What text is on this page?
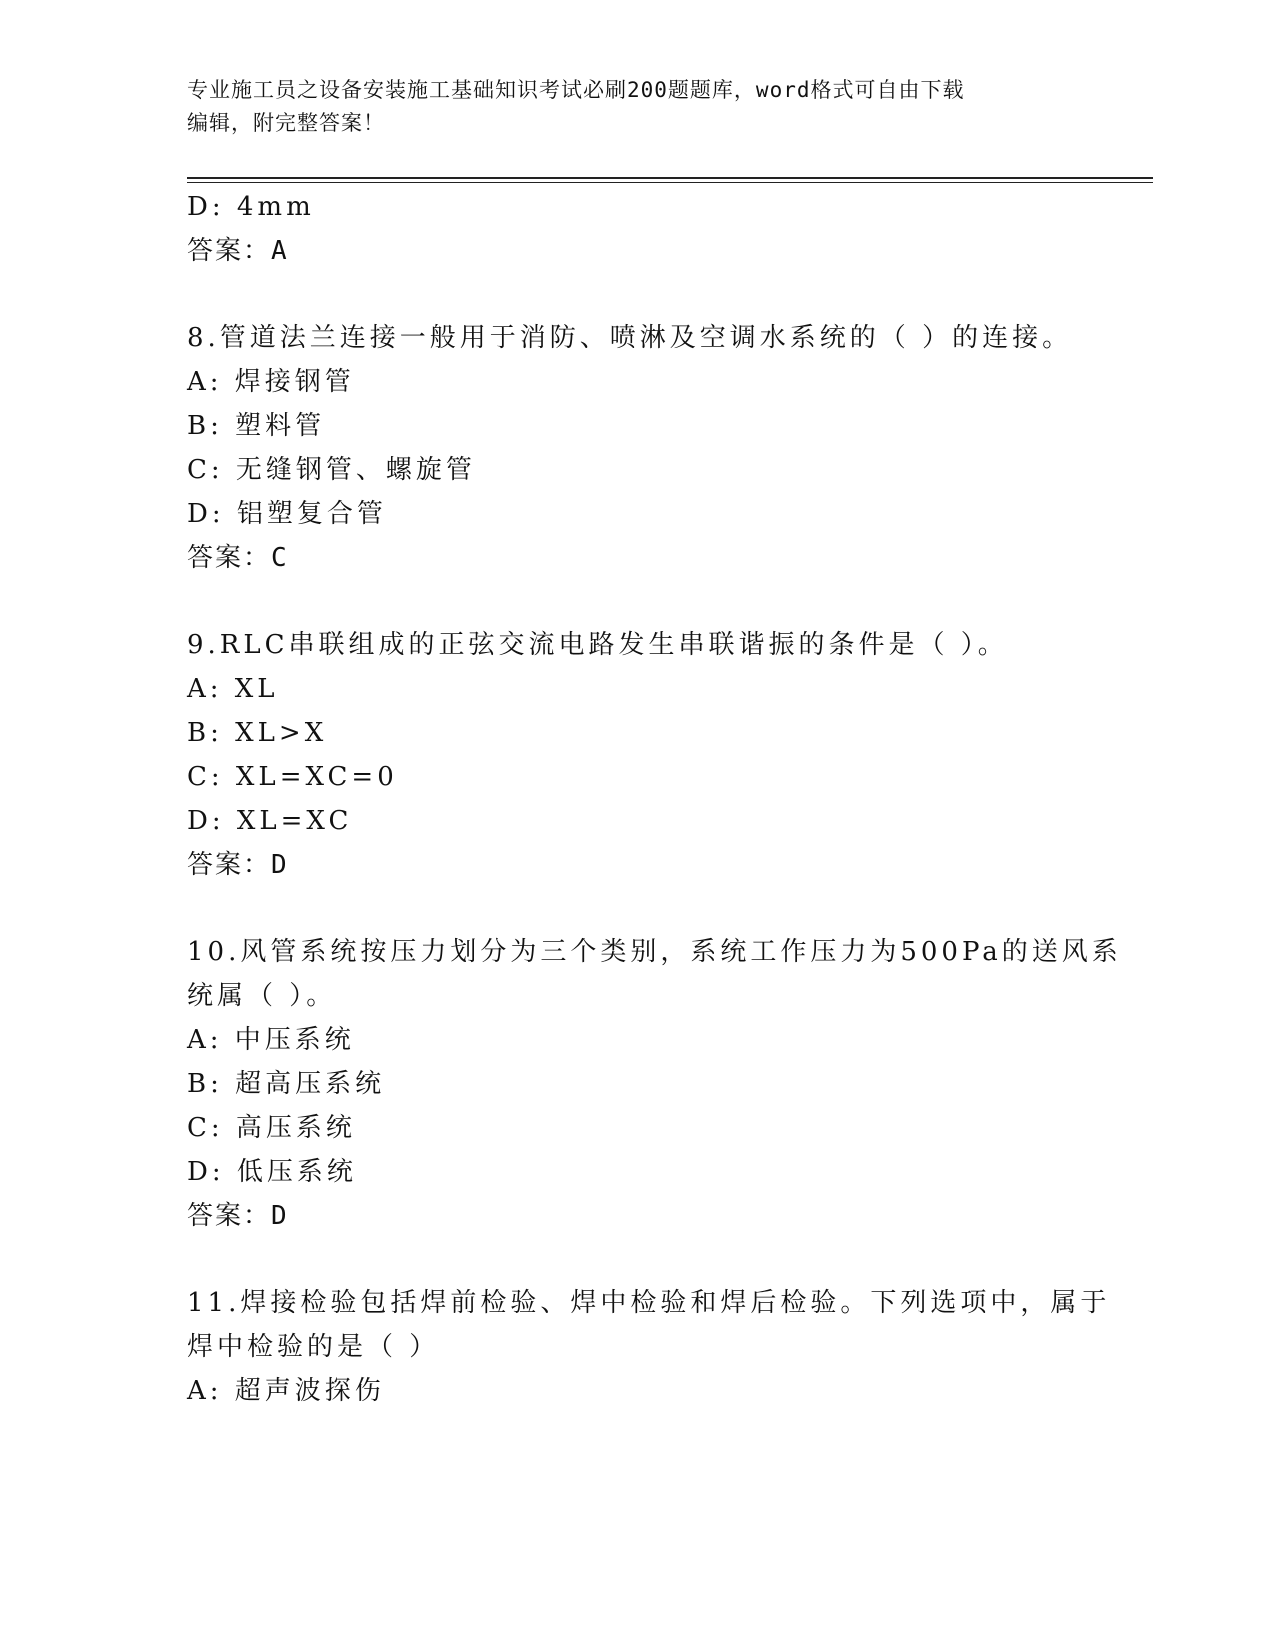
专业施工员之设备安装施工基础知识考试必刷200题题库，word格式可自由下载
编辑，附完整答案！
D: 4mm
答案：A
8.管道法兰连接一般用于消防、喷淋及空调水系统的（ ）的连接。
A: 焊接钢管
B: 塑料管
C: 无缝钢管、螺旋管
D: 铝塑复合管
答案：C
9.RLC串联组成的正弦交流电路发生串联谐振的条件是（ ）。
A: XL
B: XL>X
C: XL=XC=0
D: XL=XC
答案：D
10.风管系统按压力划分为三个类别，系统工作压力为500Pa的送风系
统属（ ）。
A: 中压系统
B: 超高压系统
C: 高压系统
D: 低压系统
答案：D
11.焊接检验包括焊前检验、焊中检验和焊后检验。下列选项中，属于
焊中检验的是（ ）
A: 超声波探伤
